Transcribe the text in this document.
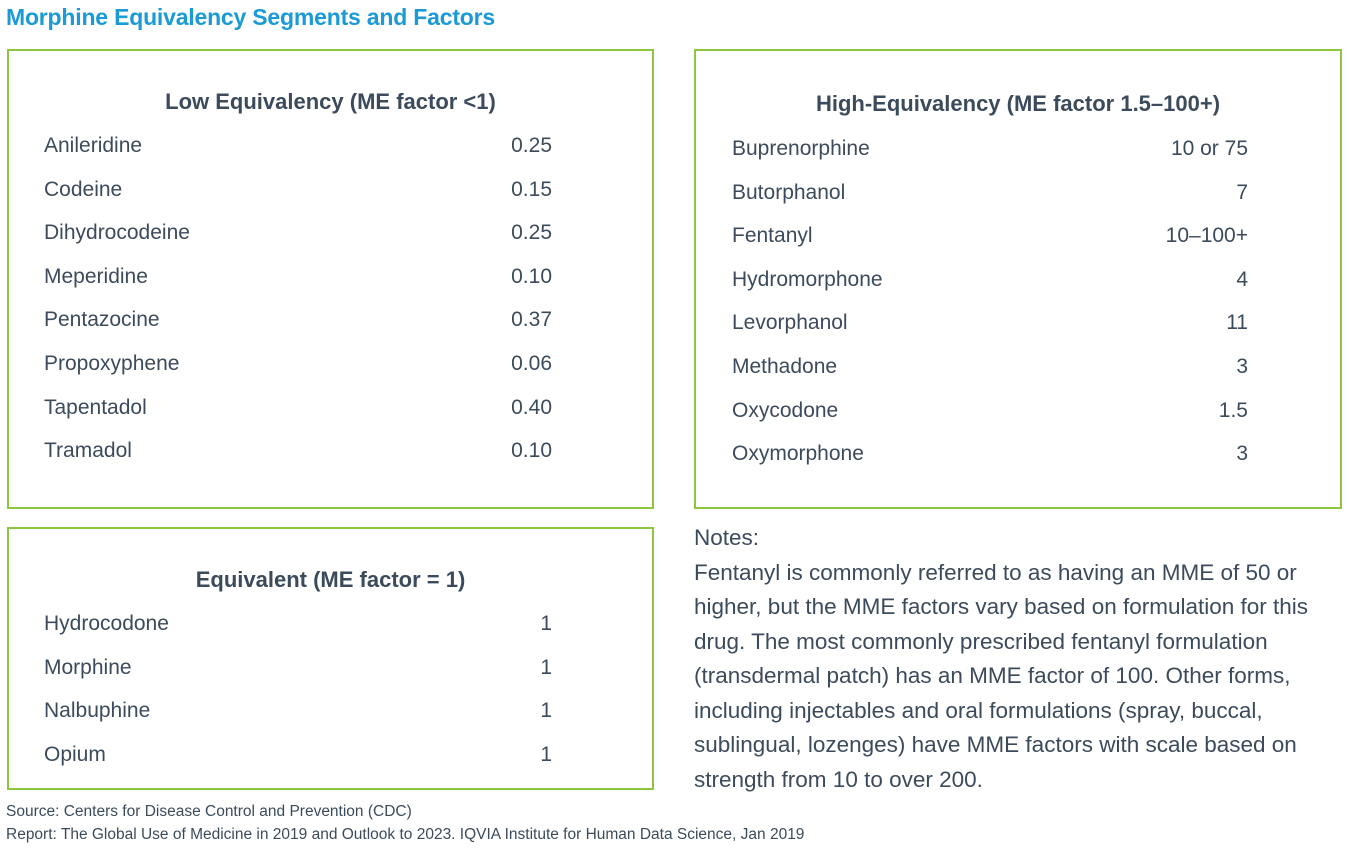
Morphine Equivalency Segments and Factors
Low Equivalency (ME factor <1)
Anileridine	0.25
Codeine	0.15
Dihydrocodeine	0.25
Meperidine	0.10
Pentazocine	0.37
Propoxyphene	0.06
Tapentadol	0.40
Tramadol	0.10
High-Equivalency (ME factor 1.5–100+)
Buprenorphine	10 or 75
Butorphanol	7
Fentanyl	10–100+
Hydromorphone	4
Levorphanol	11
Methadone	3
Oxycodone	1.5
Oxymorphone	3
Equivalent (ME factor = 1)
Hydrocodone	1
Morphine	1
Nalbuphine	1
Opium	1
Notes:
Fentanyl is commonly referred to as having an MME of 50 or higher, but the MME factors vary based on formulation for this drug. The most commonly prescribed fentanyl formulation (transdermal patch) has an MME factor of 100. Other forms, including injectables and oral formulations (spray, buccal, sublingual, lozenges) have MME factors with scale based on strength from 10 to over 200.
Source: Centers for Disease Control and Prevention (CDC)
Report: The Global Use of Medicine in 2019 and Outlook to 2023. IQVIA Institute for Human Data Science, Jan 2019
